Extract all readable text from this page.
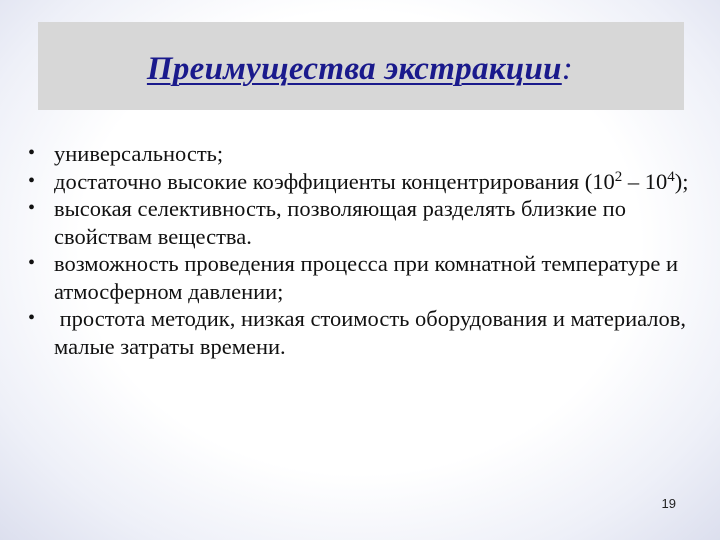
Преимущества экстракции:
• универсальность;
• достаточно высокие коэффициенты концентрирования $(10^2 - 10^4)$;
• высокая селективность, позволяющая разделять близкие по свойствам вещества.
• возможность проведения процесса при комнатной температуре и атмосферном давлении;
• простота методик, низкая стоимость оборудования и материалов, малые затраты времени.
19
